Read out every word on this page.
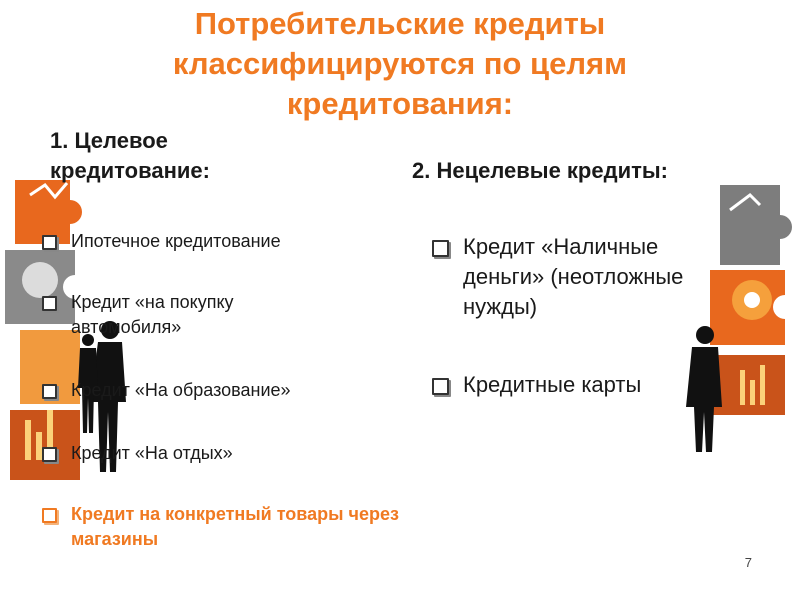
Потребительские кредиты
классифицируются по целям
кредитования:
1. Целевое
кредитование:	2. Нецелевые кредиты:
Ипотечное кредитование
Кредит «на покупку автомобиля»
Кредит «На образование»
Кредит «На отдых»
Кредит на конкретный товары через магазины
Кредит «Наличные деньги» (неотложные нужды)
Кредитные карты
7
